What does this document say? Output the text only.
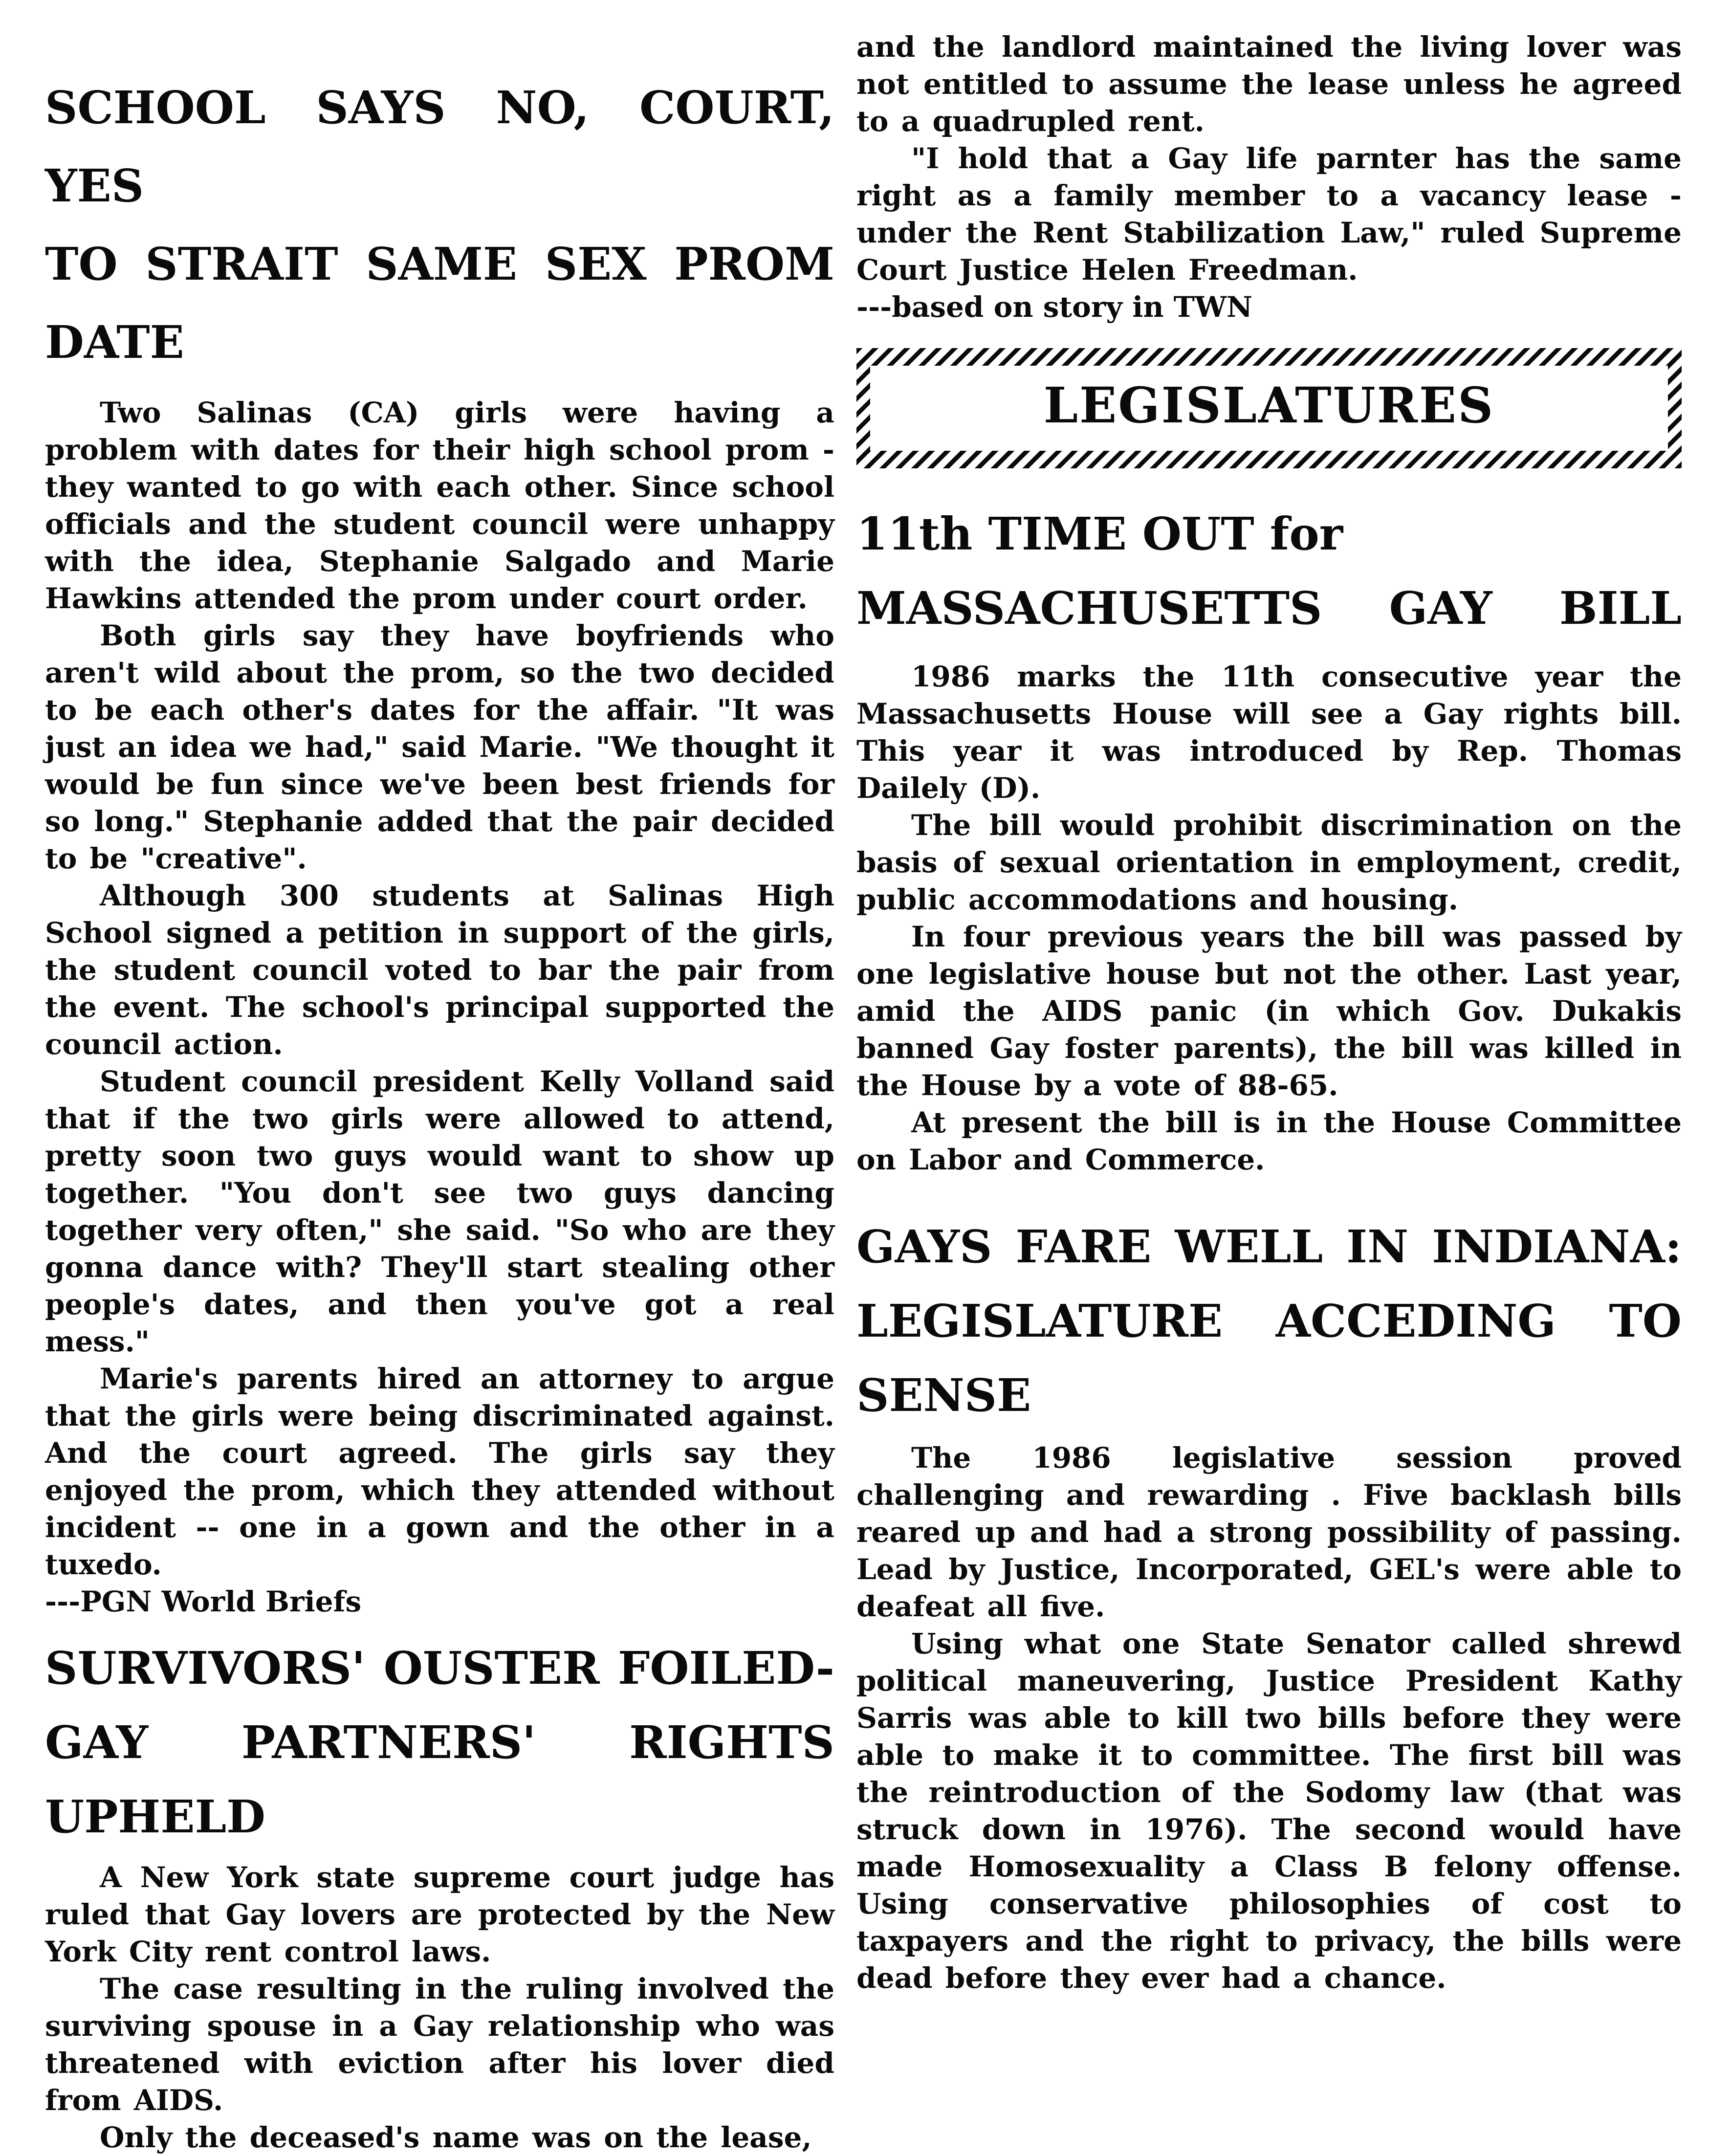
SCHOOL SAYS NO, COURT, YES
TO STRAIT SAME SEX PROM
DATE

Two Salinas (CA) girls were having a problem with dates for their high school prom - they wanted to go with each other. Since school officials and the student council were unhappy with the idea, Stephanie Salgado and Marie Hawkins attended the prom under court order.

Both girls say they have boyfriends who aren't wild about the prom, so the two decided to be each other's dates for the affair. "It was just an idea we had," said Marie. "We thought it would be fun since we've been best friends for so long." Stephanie added that the pair decided to be "creative".

Although 300 students at Salinas High School signed a petition in support of the girls, the student council voted to bar the pair from the event. The school's principal supported the council action.

Student council president Kelly Volland said that if the two girls were allowed to attend, pretty soon two guys would want to show up together. "You don't see two guys dancing together very often," she said. "So who are they gonna dance with? They'll start stealing other people's dates, and then you've got a real mess."

Marie's parents hired an attorney to argue that the girls were being discriminated against. And the court agreed. The girls say they enjoyed the prom, which they attended without incident -- one in a gown and the other in a tuxedo.

---PGN World Briefs

SURVIVORS' OUSTER FOILED-
GAY PARTNERS' RIGHTS UPHELD

A New York state supreme court judge has ruled that Gay lovers are protected by the New York City rent control laws.

The case resulting in the ruling involved the surviving spouse in a Gay relationship who was threatened with eviction after his lover died from AIDS.

Only the deceased's name was on the lease,

and the landlord maintained the living lover was not entitled to assume the lease unless he agreed to a quadrupled rent.

"I hold that a Gay life parnter has the same right as a family member to a vacancy lease -under the Rent Stabilization Law," ruled Supreme Court Justice Helen Freedman.

---based on story in TWN

LEGISLATURES
11th TIME OUT for
MASSACHUSETTS GAY BILL

1986 marks the 11th consecutive year the Massachusetts House will see a Gay rights bill. This year it was introduced by Rep. Thomas Dailely (D).

The bill would prohibit discrimination on the basis of sexual orientation in employment, credit, public accommodations and housing.

In four previous years the bill was passed by one legislative house but not the other. Last year, amid the AIDS panic (in which Gov. Dukakis banned Gay foster parents), the bill was killed in the House by a vote of 88-65.

At present the bill is in the House Committee on Labor and Commerce.

GAYS FARE WELL IN INDIANA:
LEGISLATURE ACCEDING TO
SENSE

The 1986 legislative session proved challenging and rewarding . Five backlash bills reared up and had a strong possibility of passing. Lead by Justice, Incorporated, GEL's were able to deafeat all five.

Using what one State Senator called shrewd political maneuvering, Justice President Kathy Sarris was able to kill two bills before they were able to make it to committee. The first bill was the reintroduction of the Sodomy law (that was struck down in 1976). The second would have made Homosexuality a Class B felony offense. Using conservative philosophies of cost to taxpayers and the right to privacy, the bills were dead before they ever had a chance.
